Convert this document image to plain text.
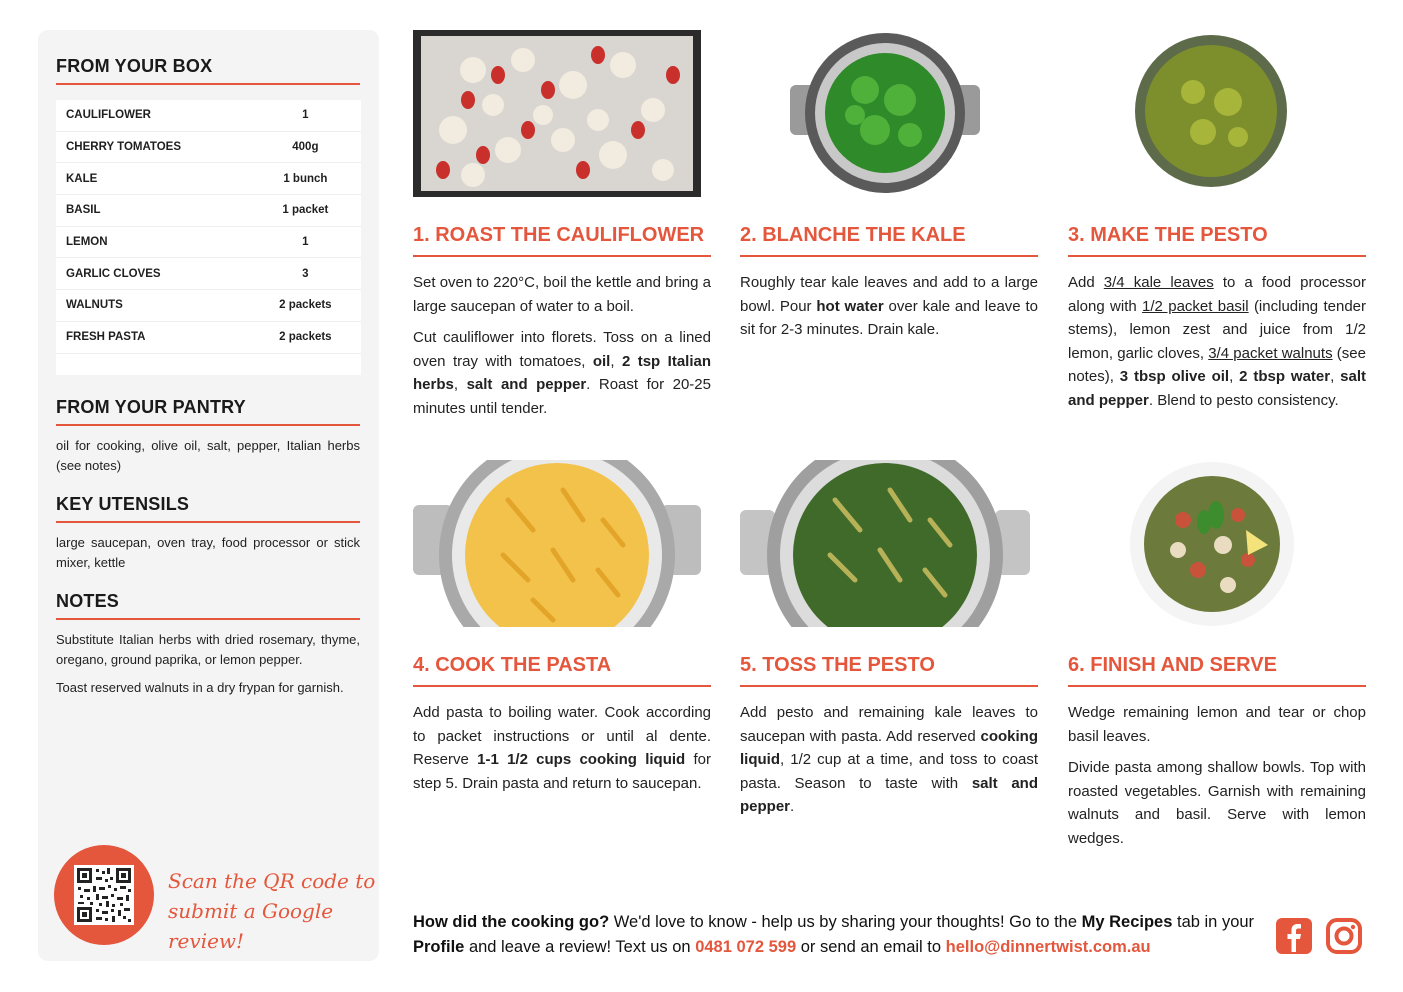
FROM YOUR BOX
CAULIFLOWER	1
CHERRY TOMATOES	400g
KALE	1 bunch
BASIL	1 packet
LEMON	1
GARLIC CLOVES	3
WALNUTS	2 packets
FRESH PASTA	2 packets
FROM YOUR PANTRY

oil for cooking, olive oil, salt, pepper, Italian herbs (see notes)

KEY UTENSILS

large saucepan, oven tray, food processor or stick mixer, kettle

NOTES

Substitute Italian herbs with dried rosemary, thyme, oregano, ground paprika, or lemon pepper.

Toast reserved walnuts in a dry frypan for garnish.

Scan the QR code to
submit a Google review!
1. ROAST THE CAULIFLOWER

Set oven to 220°C, boil the kettle and bring a large saucepan of water to a boil.

Cut cauliflower into florets. Toss on a lined oven tray with tomatoes, oil, 2 tsp Italian herbs, salt and pepper. Roast for 20-25 minutes until tender.

2. BLANCHE THE KALE

Roughly tear kale leaves and add to a large bowl. Pour hot water over kale and leave to sit for 2-3 minutes. Drain kale.

3. MAKE THE PESTO

Add 3/4 kale leaves to a food processor along with 1/2 packet basil (including tender stems), lemon zest and juice from 1/2 lemon, garlic cloves, 3/4 packet walnuts (see notes), 3 tbsp olive oil, 2 tbsp water, salt and pepper. Blend to pesto consistency.

4. COOK THE PASTA

Add pasta to boiling water. Cook according to packet instructions or until al dente. Reserve 1-1 1/2 cups cooking liquid for step 5. Drain pasta and return to saucepan.

5. TOSS THE PESTO

Add pesto and remaining kale leaves to saucepan with pasta. Add reserved cooking liquid, 1/2 cup at a time, and toss to coast pasta. Season to taste with salt and pepper.

6. FINISH AND SERVE

Wedge remaining lemon and tear or chop basil leaves.

Divide pasta among shallow bowls. Top with roasted vegetables. Garnish with remaining walnuts and basil. Serve with lemon wedges.

How did the cooking go? We'd love to know - help us by sharing your thoughts! Go to the My Recipes tab in your Profile and leave a review! Text us on 0481 072 599 or send an email to hello@dinnertwist.com.au
